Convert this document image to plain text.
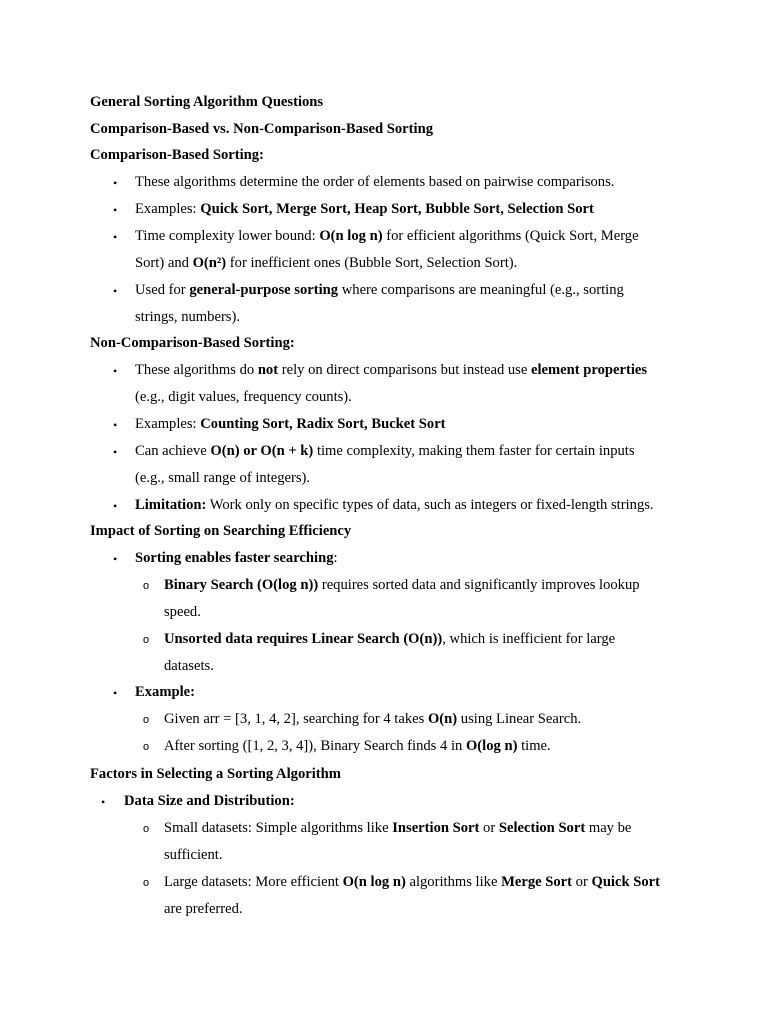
General Sorting Algorithm Questions
Comparison-Based vs. Non-Comparison-Based Sorting
Comparison-Based Sorting:
• These algorithms determine the order of elements based on pairwise comparisons.
• Examples: Quick Sort, Merge Sort, Heap Sort, Bubble Sort, Selection Sort
• Time complexity lower bound: O(n log n) for efficient algorithms (Quick Sort, Merge
Sort) and O(n²) for inefficient ones (Bubble Sort, Selection Sort).
• Used for general-purpose sorting where comparisons are meaningful (e.g., sorting
strings, numbers).
Non-Comparison-Based Sorting:
• These algorithms do not rely on direct comparisons but instead use element properties
(e.g., digit values, frequency counts).
• Examples: Counting Sort, Radix Sort, Bucket Sort
• Can achieve O(n) or O(n + k) time complexity, making them faster for certain inputs
(e.g., small range of integers).
• Limitation: Work only on specific types of data, such as integers or fixed-length strings.
Impact of Sorting on Searching Efficiency
• Sorting enables faster searching:
o Binary Search (O(log n)) requires sorted data and significantly improves lookup
speed.
o Unsorted data requires Linear Search (O(n)), which is inefficient for large
datasets.
• Example:
o Given arr = [3, 1, 4, 2], searching for 4 takes O(n) using Linear Search.
o After sorting ([1, 2, 3, 4]), Binary Search finds 4 in O(log n) time.
Factors in Selecting a Sorting Algorithm
• Data Size and Distribution:
o Small datasets: Simple algorithms like Insertion Sort or Selection Sort may be
sufficient.
o Large datasets: More efficient O(n log n) algorithms like Merge Sort or Quick Sort
are preferred.
